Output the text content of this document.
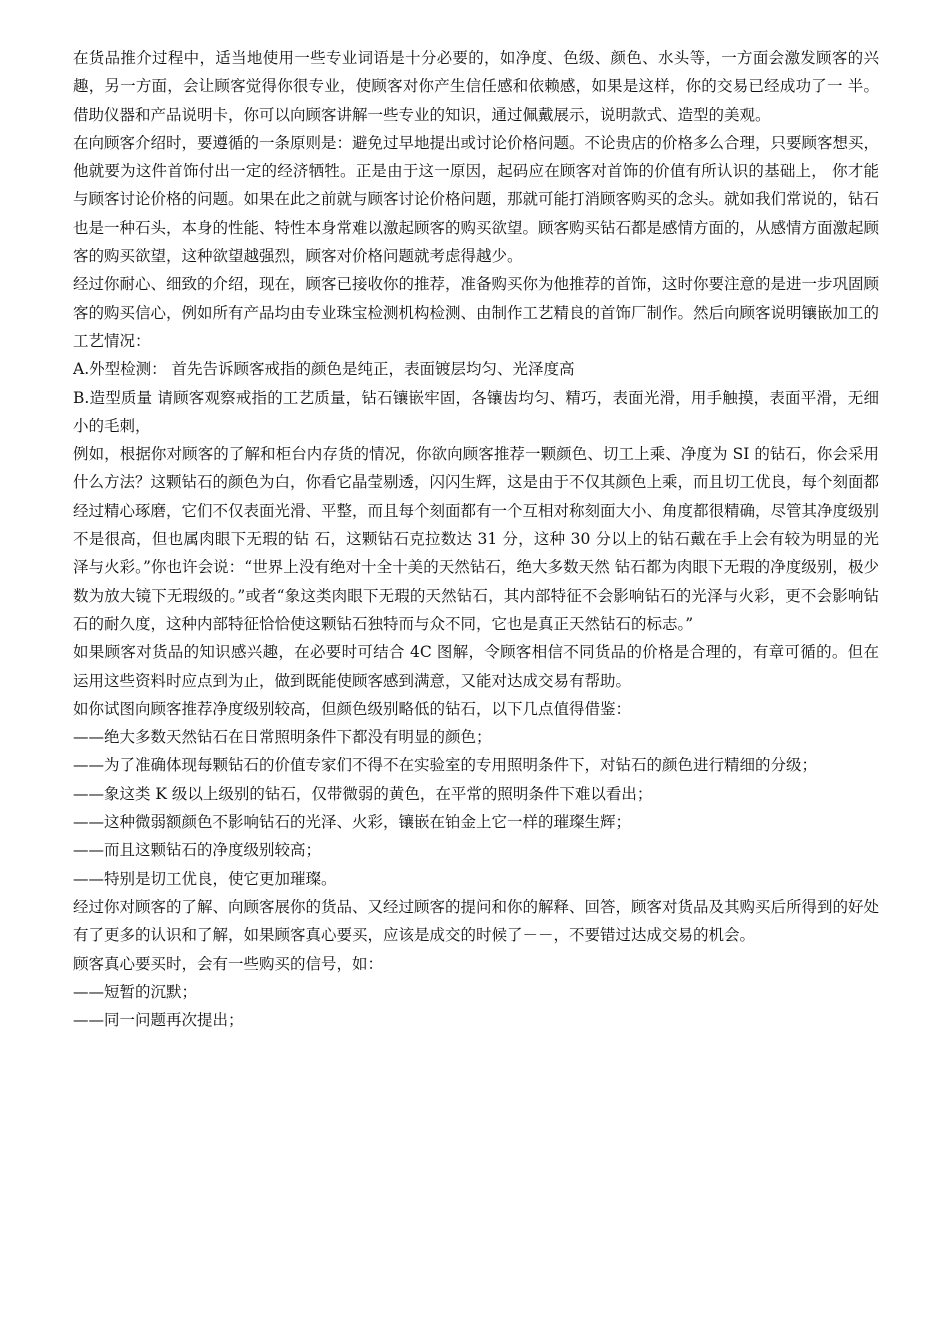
在货品推介过程中，适当地使用一些专业词语是十分必要的，如净度、色级、颜色、水头等，一方面会激发顾客的兴趣，另一方面，会让顾客觉得你很专业，使顾客对你产生信任感和依赖感，如果是这样，你的交易已经成功了一 半。借助仪器和产品说明卡，你可以向顾客讲解一些专业的知识，通过佩戴展示，说明款式、造型的美观。

在向顾客介绍时，要遵循的一条原则是：避免过早地提出或讨论价格问题。不论贵店的价格多么合理，只要顾客想买，他就要为这件首饰付出一定的经济牺牲。正是由于这一原因，起码应在顾客对首饰的价值有所认识的基础上， 你才能与顾客讨论价格的问题。如果在此之前就与顾客讨论价格问题，那就可能打消顾客购买的念头。就如我们常说的，钻石也是一种石头，本身的性能、特性本身常难以激起顾客的购买欲望。顾客购买钻石都是感情方面的，从感情方面激起顾客的购买欲望，这种欲望越强烈，顾客对价格问题就考虑得越少。

经过你耐心、细致的介绍，现在，顾客已接收你的推荐，准备购买你为他推荐的首饰，这时你要注意的是进一步巩固顾客的购买信心，例如所有产品均由专业珠宝检测机构检测、由制作工艺精良的首饰厂制作。然后向顾客说明镶嵌加工的工艺情况：

A.外型检测： 首先告诉顾客戒指的颜色是纯正，表面镀层均匀、光泽度高

B.造型质量 请顾客观察戒指的工艺质量，钻石镶嵌牢固，各镶齿均匀、精巧，表面光滑，用手触摸，表面平滑，无细小的毛刺，

例如，根据你对顾客的了解和柜台内存货的情况，你欲向顾客推荐一颗颜色、切工上乘、净度为 SI 的钻石，你会采用什么方法？这颗钻石的颜色为白，你看它晶莹剔透，闪闪生辉，这是由于不仅其颜色上乘，而且切工优良，每个刻面都经过精心琢磨，它们不仅表面光滑、平整，而且每个刻面都有一个互相对称刻面大小、角度都很精确，尽管其净度级别不是很高，但也属肉眼下无瑕的钻 石，这颗钻石克拉数达 31 分，这种 30 分以上的钻石戴在手上会有较为明显的光泽与火彩。”你也许会说：“世界上没有绝对十全十美的天然钻石，绝大多数天然 钻石都为肉眼下无瑕的净度级别，极少数为放大镜下无瑕级的。”或者“象这类肉眼下无瑕的天然钻石，其内部特征不会影响钻石的光泽与火彩，更不会影响钻石的耐久度，这种内部特征恰恰使这颗钻石独特而与众不同，它也是真正天然钻石的标志。”

如果顾客对货品的知识感兴趣，在必要时可结合 4C 图解，令顾客相信不同货品的价格是合理的，有章可循的。但在运用这些资料时应点到为止，做到既能使顾客感到满意，又能对达成交易有帮助。

如你试图向顾客推荐净度级别较高，但颜色级别略低的钻石，以下几点值得借鉴：

——绝大多数天然钻石在日常照明条件下都没有明显的颜色；

——为了准确体现每颗钻石的价值专家们不得不在实验室的专用照明条件下，对钻石的颜色进行精细的分级；

——象这类 K 级以上级别的钻石，仅带微弱的黄色，在平常的照明条件下难以看出；

——这种微弱额颜色不影响钻石的光泽、火彩，镶嵌在铂金上它一样的璀璨生辉；

——而且这颗钻石的净度级别较高；

——特别是切工优良，使它更加璀璨。

经过你对顾客的了解、向顾客展你的货品、又经过顾客的提问和你的解释、回答，顾客对货品及其购买后所得到的好处有了更多的认识和了解，如果顾客真心要买，应该是成交的时候了－－，不要错过达成交易的机会。

顾客真心要买时，会有一些购买的信号，如：

——短暂的沉默；

——同一问题再次提出；
